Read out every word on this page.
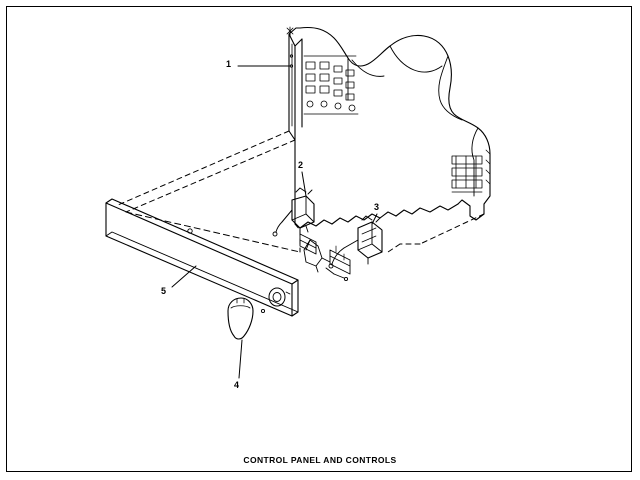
1
2
3
4
5
CONTROL PANEL AND CONTROLS
